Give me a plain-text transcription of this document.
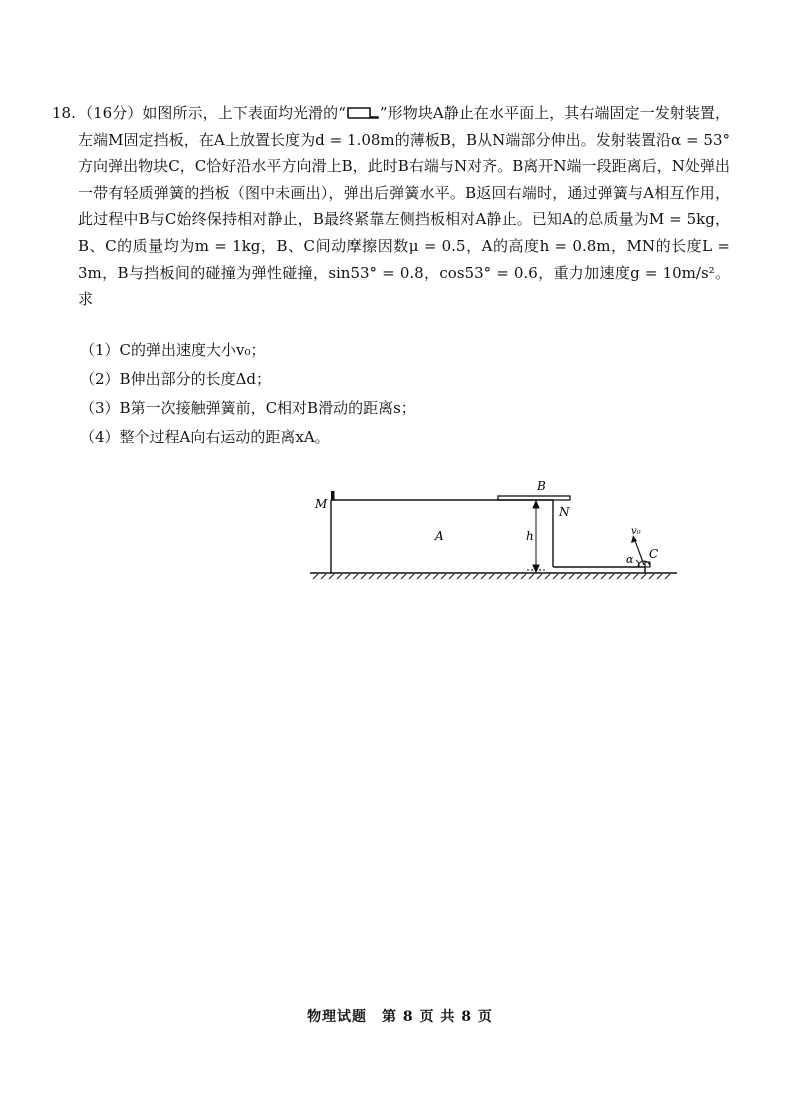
18. （16分）如图所示，上下表面均光滑的“ ”形物块A静止在水平面上，其右端固定一发射装置，左端M固定挡板，在A上放置长度为d = 1.08m的薄板B，B从N端部分伸出。发射装置沿α = 53°方向弹出物块C，C恰好沿水平方向滑上B，此时B右端与N对齐。B离开N端一段距离后，N处弹出一带有轻质弹簧的挡板（图中未画出），弹出后弹簧水平。B返回右端时，通过弹簧与A相互作用，此过程中B与C始终保持相对静止，B最终紧靠左侧挡板相对A静止。已知A的总质量为M = 5kg，B、C的质量均为m = 1kg，B、C间动摩擦因数μ = 0.5，A的高度h = 0.8m，MN的长度L = 3m，B与挡板间的碰撞为弹性碰撞，sin53° = 0.8，cos53° = 0.6，重力加速度g = 10m/s²。求
（1）C的弹出速度大小v₀；
（2）B伸出部分的长度Δd；
（3）B第一次接触弹簧前，C相对B滑动的距离s；
（4）整个过程A向右运动的距离xA。
M
B
N
A	h	v₀
α C
物理试题　第 8 页 共 8 页
